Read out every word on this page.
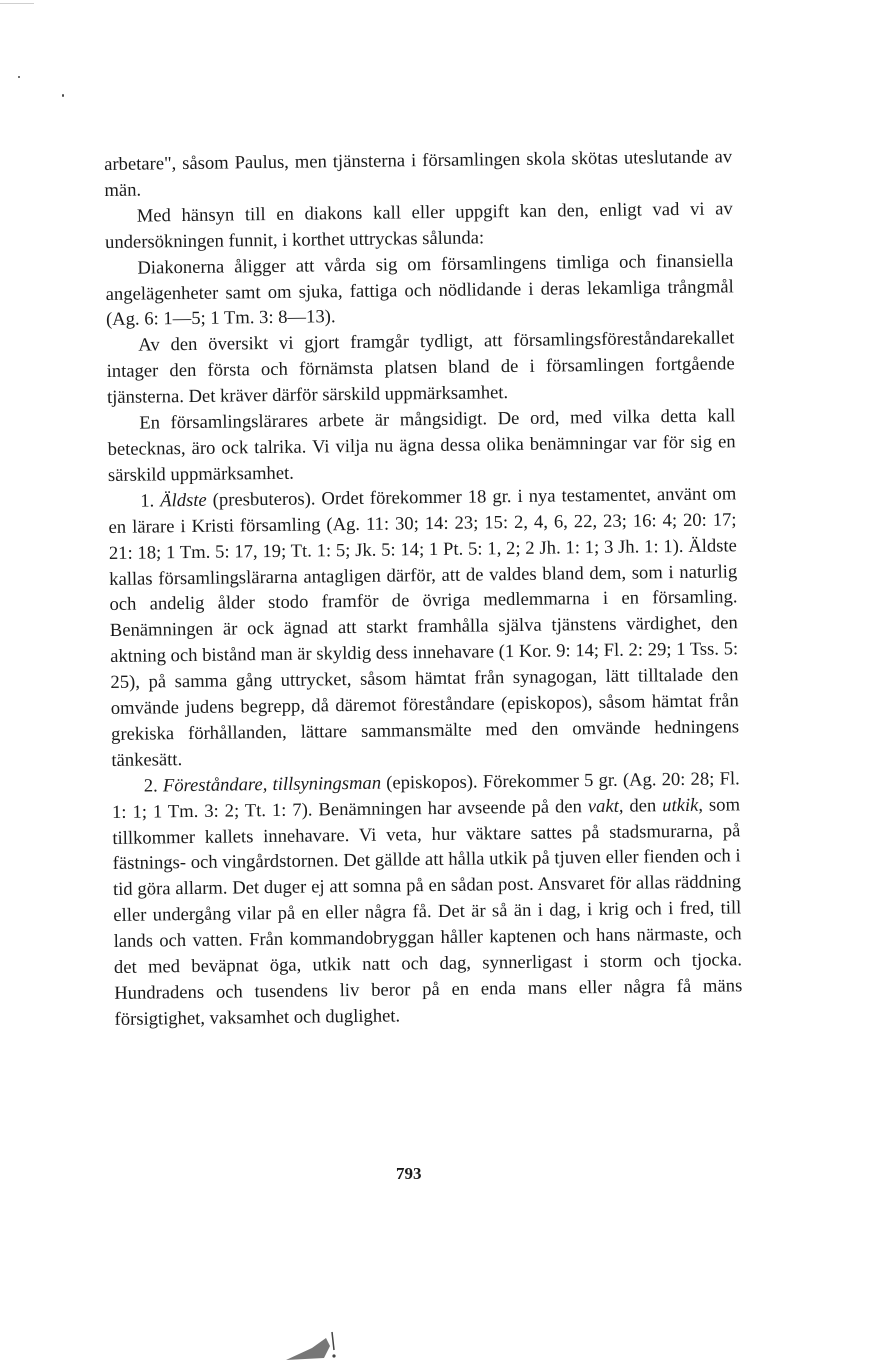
arbetare", såsom Paulus, men tjänsterna i församlingen skola skötas uteslutande av män.

Med hänsyn till en diakons kall eller uppgift kan den, enligt vad vi av undersökningen funnit, i korthet uttryckas sålunda:

Diakonerna åligger att vårda sig om församlingens timliga och finansiella angelägenheter samt om sjuka, fattiga och nödlidande i deras lekamliga trångmål (Ag. 6: 1—5; 1 Tm. 3: 8—13).

Av den översikt vi gjort framgår tydligt, att församlingsföreståndarekallet intager den första och förnämsta platsen bland de i församlingen fortgående tjänsterna. Det kräver därför särskild uppmärksamhet.

En församlingslärares arbete är mångsidigt. De ord, med vilka detta kall betecknas, äro ock talrika. Vi vilja nu ägna dessa olika benämningar var för sig en särskild uppmärksamhet.

1. Äldste (presbuteros). Ordet förekommer 18 gr. i nya testamentet, använt om en lärare i Kristi församling (Ag. 11: 30; 14: 23; 15: 2, 4, 6, 22, 23; 16: 4; 20: 17; 21: 18; 1 Tm. 5: 17, 19; Tt. 1: 5; Jk. 5: 14; 1 Pt. 5: 1, 2; 2 Jh. 1: 1; 3 Jh. 1: 1). Äldste kallas församlingslärarna antagligen därför, att de valdes bland dem, som i naturlig och andelig ålder stodo framför de övriga medlemmarna i en församling. Benämningen är ock ägnad att starkt framhålla själva tjänstens värdighet, den aktning och bistånd man är skyldig dess innehavare (1 Kor. 9: 14; Fl. 2: 29; 1 Tss. 5: 25), på samma gång uttrycket, såsom hämtat från synagogan, lätt tilltalade den omvände judens begrepp, då däremot föreståndare (episkopos), såsom hämtat från grekiska förhållanden, lättare sammansmälte med den omvände hedningens tänkesätt.

2. Föreståndare, tillsyningsman (episkopos). Förekommer 5 gr. (Ag. 20: 28; Fl. 1: 1; 1 Tm. 3: 2; Tt. 1: 7). Benämningen har avseende på den vakt, den utkik, som tillkommer kallets innehavare. Vi veta, hur väktare sattes på stadsmurarna, på fästnings- och vingårdstornen. Det gällde att hålla utkik på tjuven eller fienden och i tid göra allarm. Det duger ej att somna på en sådan post. Ansvaret för allas räddning eller undergång vilar på en eller några få. Det är så än i dag, i krig och i fred, till lands och vatten. Från kommandobryggan håller kaptenen och hans närmaste, och det med beväpnat öga, utkik natt och dag, synnerligast i storm och tjocka. Hundradens och tusendens liv beror på en enda mans eller några få mäns försigtighet, vaksamhet och duglighet.

793
